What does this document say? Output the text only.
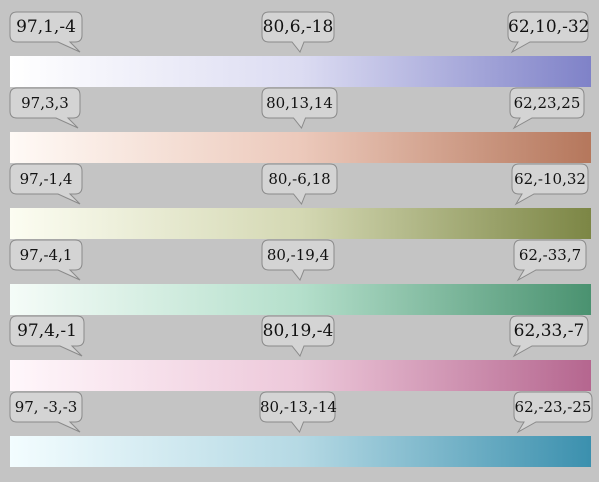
97,1,-4	80,6,-18	62,10,-32
97,3,3	80,13,14	62,23,25
97,-1,4	80,-6,18	62,-10,32
97,-4,1	80,-19,4	62,-33,7
97,4,-1	80,19,-4	62,33,-7
97, -3,-3	80,-13,-14	62,-23,-25
